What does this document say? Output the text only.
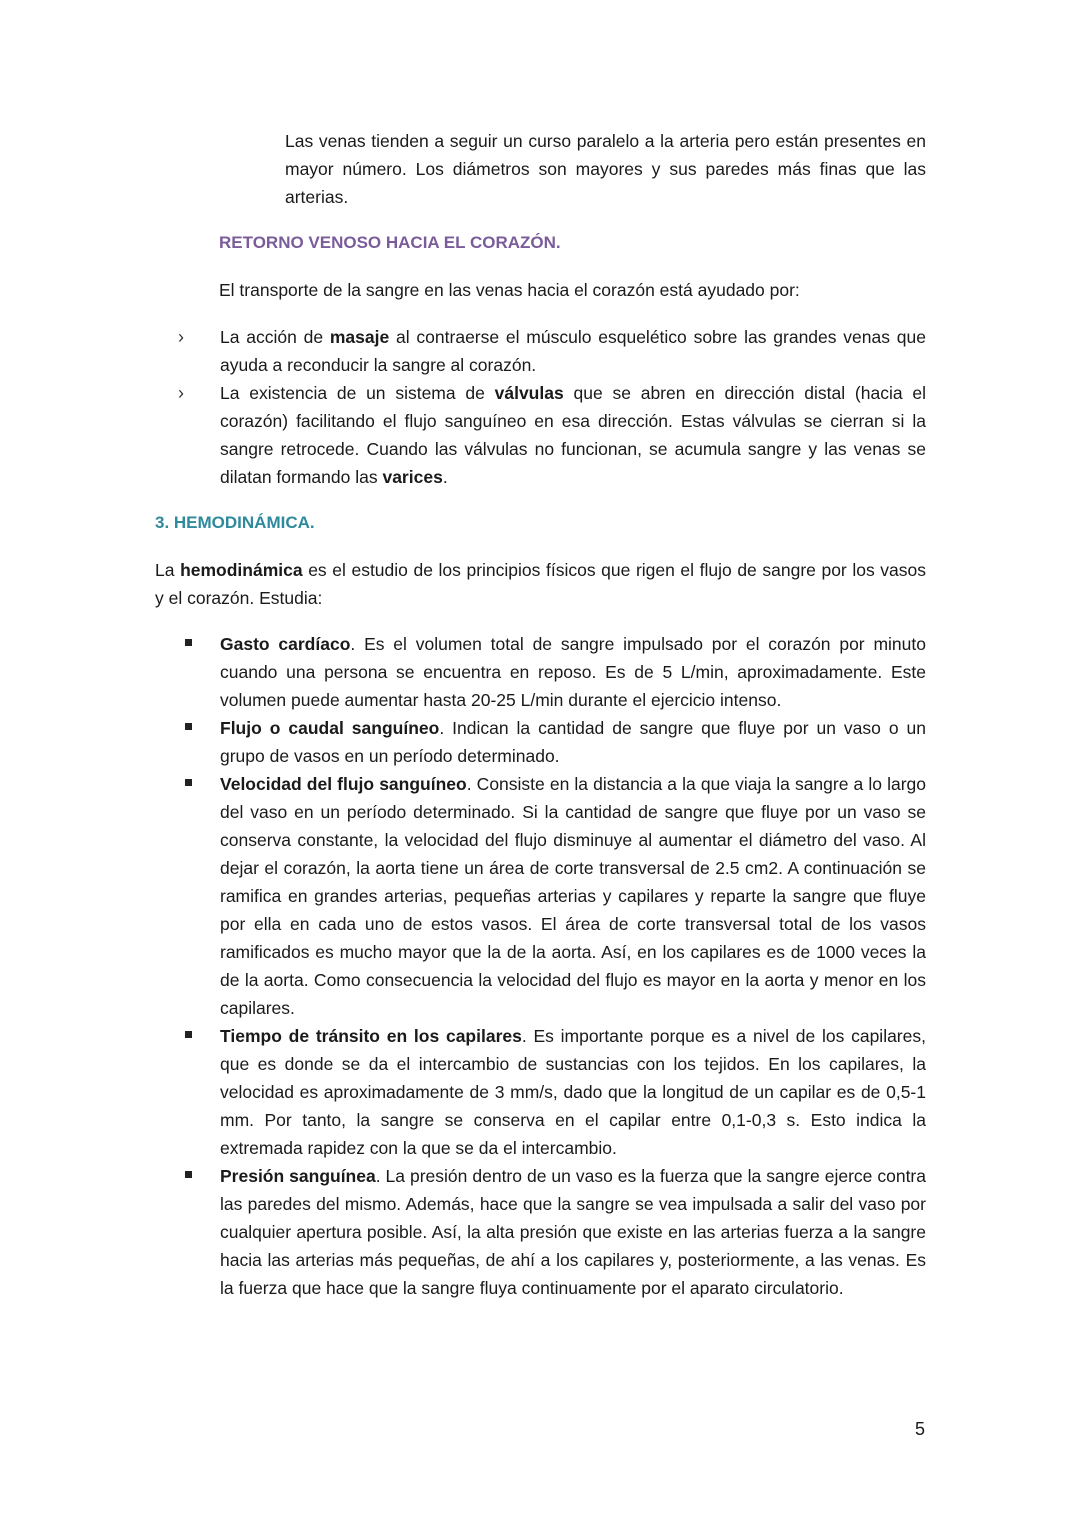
Las venas tienden a seguir un curso paralelo a la arteria pero están presentes en mayor número. Los diámetros son mayores y sus paredes más finas que las arterias.

RETORNO VENOSO HACIA EL CORAZÓN.

El transporte de la sangre en las venas hacia el corazón está ayudado por:

› La acción de masaje al contraerse el músculo esquelético sobre las grandes venas que ayuda a reconducir la sangre al corazón.

› La existencia de un sistema de válvulas que se abren en dirección distal (hacia el corazón) facilitando el flujo sanguíneo en esa dirección. Estas válvulas se cierran si la sangre retrocede. Cuando las válvulas no funcionan, se acumula sangre y las venas se dilatan formando las varices.

3. HEMODINÁMICA.

La hemodinámica es el estudio de los principios físicos que rigen el flujo de sangre por los vasos y el corazón. Estudia:

Gasto cardíaco. Es el volumen total de sangre impulsado por el corazón por minuto cuando una persona se encuentra en reposo. Es de 5 L/min, aproximadamente. Este volumen puede aumentar hasta 20-25 L/min durante el ejercicio intenso.

Flujo o caudal sanguíneo. Indican la cantidad de sangre que fluye por un vaso o un grupo de vasos en un período determinado.

Velocidad del flujo sanguíneo. Consiste en la distancia a la que viaja la sangre a lo largo del vaso en un período determinado. Si la cantidad de sangre que fluye por un vaso se conserva constante, la velocidad del flujo disminuye al aumentar el diámetro del vaso. Al dejar el corazón, la aorta tiene un área de corte transversal de 2.5 cm2. A continuación se ramifica en grandes arterias, pequeñas arterias y capilares y reparte la sangre que fluye por ella en cada uno de estos vasos. El área de corte transversal total de los vasos ramificados es mucho mayor que la de la aorta. Así, en los capilares es de 1000 veces la de la aorta. Como consecuencia la velocidad del flujo es mayor en la aorta y menor en los capilares.

Tiempo de tránsito en los capilares. Es importante porque es a nivel de los capilares, que es donde se da el intercambio de sustancias con los tejidos. En los capilares, la velocidad es aproximadamente de 3 mm/s, dado que la longitud de un capilar es de 0,5-1 mm. Por tanto, la sangre se conserva en el capilar entre 0,1-0,3 s. Esto indica la extremada rapidez con la que se da el intercambio.

Presión sanguínea. La presión dentro de un vaso es la fuerza que la sangre ejerce contra las paredes del mismo. Además, hace que la sangre se vea impulsada a salir del vaso por cualquier apertura posible. Así, la alta presión que existe en las arterias fuerza a la sangre hacia las arterias más pequeñas, de ahí a los capilares y, posteriormente, a las venas. Es la fuerza que hace que la sangre fluya continuamente por el aparato circulatorio.

5
